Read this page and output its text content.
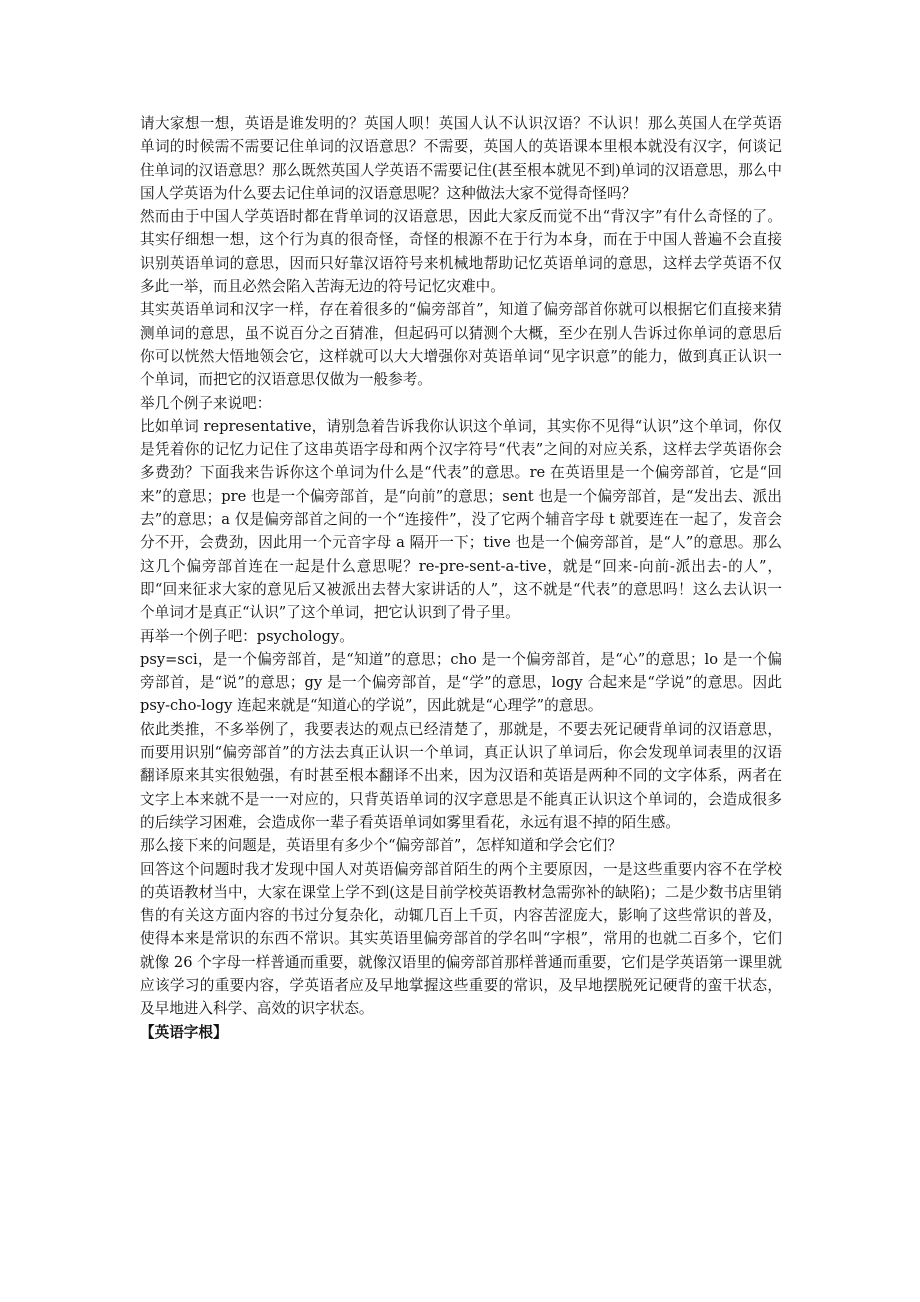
请大家想一想，英语是谁发明的？英国人呗！英国人认不认识汉语？不认识！那么英国人在学英语单词的时候需不需要记住单词的汉语意思？不需要，英国人的英语课本里根本就没有汉字，何谈记住单词的汉语意思？那么既然英国人学英语不需要记住(甚至根本就见不到)单词的汉语意思，那么中国人学英语为什么要去记住单词的汉语意思呢？这种做法大家不觉得奇怪吗？

然而由于中国人学英语时都在背单词的汉语意思，因此大家反而觉不出“背汉字”有什么奇怪的了。其实仔细想一想，这个行为真的很奇怪，奇怪的根源不在于行为本身，而在于中国人普遍不会直接识别英语单词的意思，因而只好靠汉语符号来机械地帮助记忆英语单词的意思，这样去学英语不仅多此一举，而且必然会陷入苦海无边的符号记忆灾难中。

其实英语单词和汉字一样，存在着很多的“偏旁部首”，知道了偏旁部首你就可以根据它们直接来猜测单词的意思，虽不说百分之百猜准，但起码可以猜测个大概，至少在别人告诉过你单词的意思后你可以恍然大悟地领会它，这样就可以大大增强你对英语单词“见字识意”的能力，做到真正认识一个单词，而把它的汉语意思仅做为一般参考。

举几个例子来说吧：

比如单词 representative，请别急着告诉我你认识这个单词，其实你不见得“认识”这个单词，你仅是凭着你的记忆力记住了这串英语字母和两个汉字符号“代表”之间的对应关系，这样去学英语你会多费劲？下面我来告诉你这个单词为什么是“代表”的意思。re 在英语里是一个偏旁部首，它是“回来”的意思；pre 也是一个偏旁部首，是“向前”的意思；sent 也是一个偏旁部首，是“发出去、派出去”的意思；a 仅是偏旁部首之间的一个“连接件”，没了它两个辅音字母 t 就要连在一起了，发音会分不开，会费劲，因此用一个元音字母 a 隔开一下；tive 也是一个偏旁部首，是“人”的意思。那么这几个偏旁部首连在一起是什么意思呢？re-pre-sent-a-tive，就是“回来-向前-派出去-的人”，即“回来征求大家的意见后又被派出去替大家讲话的人”，这不就是“代表”的意思吗！这么去认识一个单词才是真正“认识”了这个单词，把它认识到了骨子里。

再举一个例子吧：psychology。

psy=sci，是一个偏旁部首，是“知道”的意思；cho 是一个偏旁部首，是“心”的意思；lo 是一个偏旁部首，是“说”的意思；gy 是一个偏旁部首，是“学”的意思，logy 合起来是“学说”的意思。因此 psy-cho-logy 连起来就是“知道心的学说”，因此就是“心理学”的意思。

依此类推，不多举例了，我要表达的观点已经清楚了，那就是，不要去死记硬背单词的汉语意思，而要用识别“偏旁部首”的方法去真正认识一个单词，真正认识了单词后，你会发现单词表里的汉语翻译原来其实很勉强，有时甚至根本翻译不出来，因为汉语和英语是两种不同的文字体系，两者在文字上本来就不是一一对应的，只背英语单词的汉字意思是不能真正认识这个单词的，会造成很多的后续学习困难，会造成你一辈子看英语单词如雾里看花，永远有退不掉的陌生感。

那么接下来的问题是，英语里有多少个“偏旁部首”，怎样知道和学会它们？

回答这个问题时我才发现中国人对英语偏旁部首陌生的两个主要原因，一是这些重要内容不在学校的英语教材当中，大家在课堂上学不到(这是目前学校英语教材急需弥补的缺陷)；二是少数书店里销售的有关这方面内容的书过分复杂化，动辄几百上千页，内容苦涩庞大，影响了这些常识的普及，使得本来是常识的东西不常识。其实英语里偏旁部首的学名叫“字根”，常用的也就二百多个，它们就像 26 个字母一样普通而重要，就像汉语里的偏旁部首那样普通而重要，它们是学英语第一课里就应该学习的重要内容，学英语者应及早地掌握这些重要的常识，及早地摆脱死记硬背的蛮干状态，及早地进入科学、高效的识字状态。

【英语字根】
